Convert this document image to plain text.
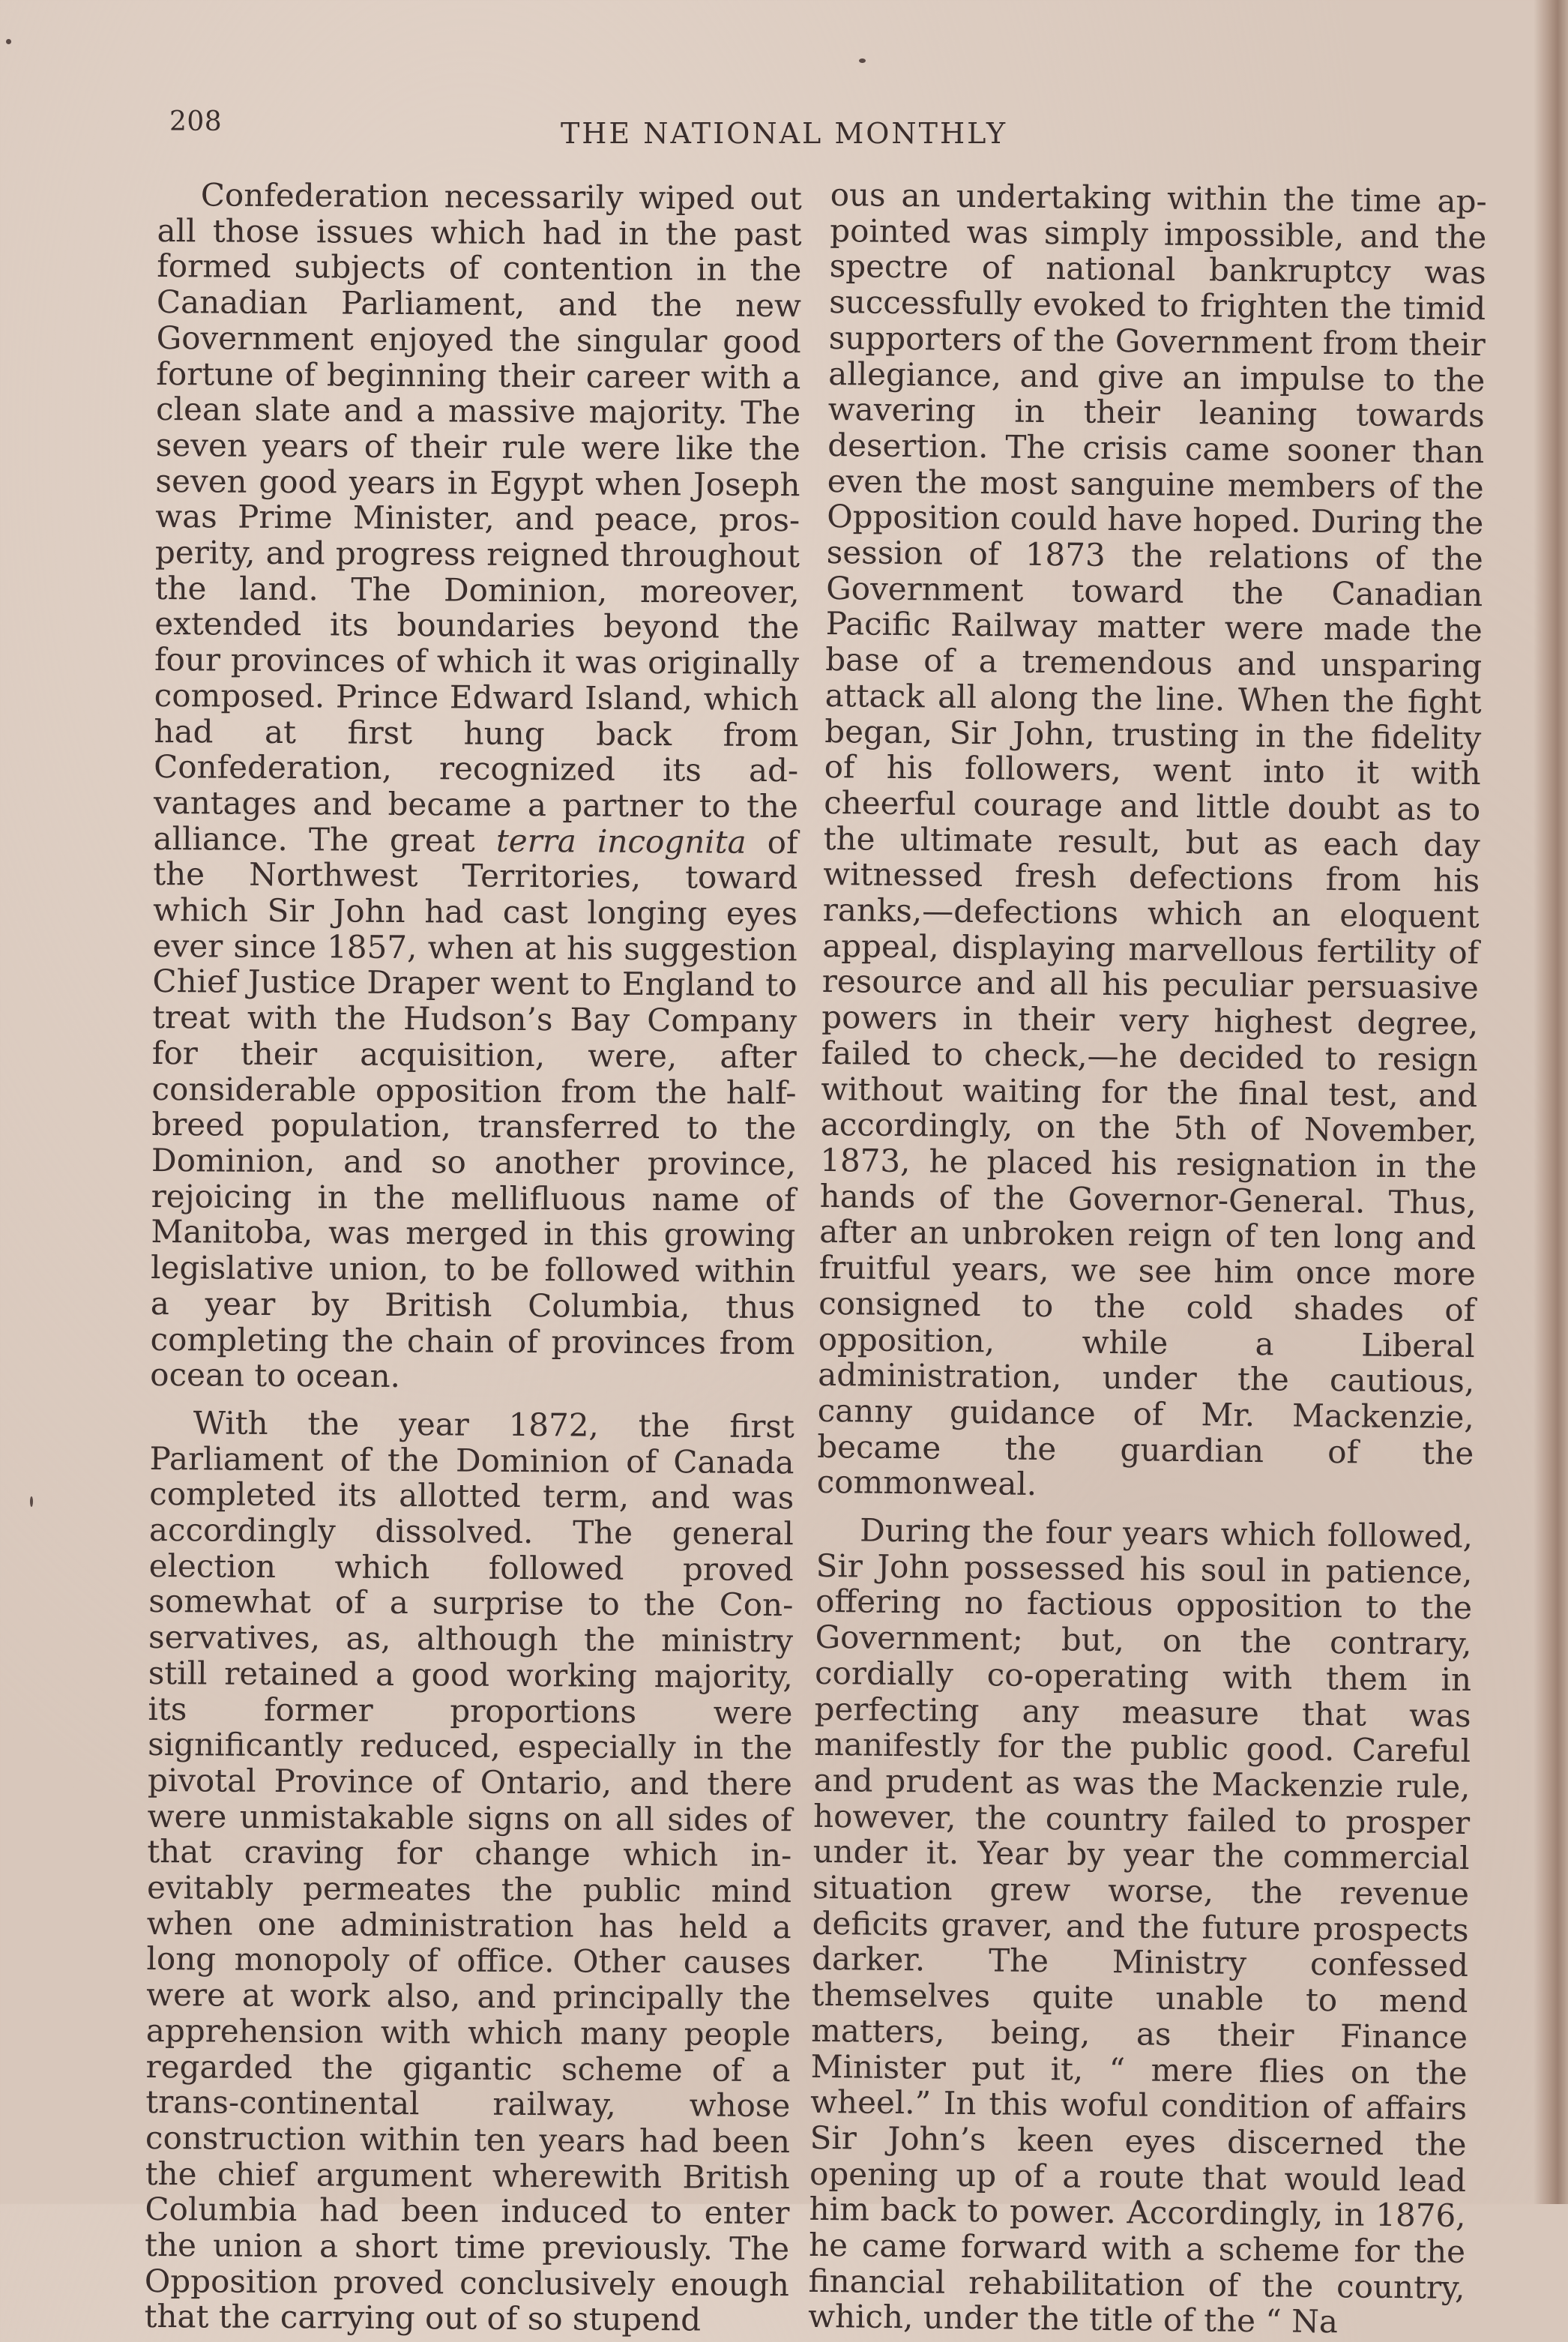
208	THE NATIONAL MONTHLY

Confederation necessarily wiped out all those issues which had in the past formed subjects of contention in the Canadian Parliament, and the new Government enjoyed the singular good fortune of beginning their career with a clean slate and a massive majority. The seven years of their rule were like the seven good years in Egypt when Joseph was Prime Minister, and peace, prosperity, and progress reigned throughout the land. The Dominion, moreover, extended its boundaries beyond the four provinces of which it was originally composed. Prince Edward Island, which had at first hung back from Confederation, recognized its advantages and became a partner to the alliance. The great terra incognita of the Northwest Territories, toward which Sir John had cast longing eyes ever since 1857, when at his suggestion Chief Justice Draper went to England to treat with the Hudson’s Bay Company for their acquisition, were, after considerable opposition from the half-breed population, transferred to the Dominion, and so another province, rejoicing in the mellifluous name of Manitoba, was merged in this growing legislative union, to be followed within a year by British Columbia, thus completing the chain of provinces from ocean to ocean.

With the year 1872, the first Parliament of the Dominion of Canada completed its allotted term, and was accordingly dissolved. The general election which followed proved somewhat of a surprise to the Conservatives, as, although the ministry still retained a good working majority, its former proportions were significantly reduced, especially in the pivotal Province of Ontario, and there were unmistakable signs on all sides of that craving for change which inevitably permeates the public mind when one administration has held a long monopoly of office. Other causes were at work also, and principally the apprehension with which many people regarded the gigantic scheme of a trans-continental railway, whose construction within ten years had been the chief argument wherewith British Columbia had been induced to enter the union a short time previously. The Opposition proved conclusively enough that the carrying out of so stupend

ous an undertaking within the time appointed was simply impossible, and the spectre of national bankruptcy was successfully evoked to frighten the timid supporters of the Government from their allegiance, and give an impulse to the wavering in their leaning towards desertion. The crisis came sooner than even the most sanguine members of the Opposition could have hoped. During the session of 1873 the relations of the Government toward the Canadian Pacific Railway matter were made the base of a tremendous and unsparing attack all along the line. When the fight began, Sir John, trusting in the fidelity of his followers, went into it with cheerful courage and little doubt as to the ultimate result, but as each day witnessed fresh defections from his ranks,—defections which an eloquent appeal, displaying marvellous fertility of resource and all his peculiar persuasive powers in their very highest degree, failed to check,—he decided to resign without waiting for the final test, and accordingly, on the 5th of November, 1873, he placed his resignation in the hands of the Governor-General. Thus, after an unbroken reign of ten long and fruitful years, we see him once more consigned to the cold shades of opposition, while a Liberal administration, under the cautious, canny guidance of Mr. Mackenzie, became the guardian of the commonweal.

During the four years which followed, Sir John possessed his soul in patience, offering no factious opposition to the Government; but, on the contrary, cordially co-operating with them in perfecting any measure that was manifestly for the public good. Careful and prudent as was the Mackenzie rule, however, the country failed to prosper under it. Year by year the commercial situation grew worse, the revenue deficits graver, and the future prospects darker. The Ministry confessed themselves quite unable to mend matters, being, as their Finance Minister put it, “ mere flies on the wheel.” In this woful condition of affairs Sir John’s keen eyes discerned the opening up of a route that would lead him back to power. Accordingly, in 1876, he came forward with a scheme for the financial rehabilitation of the country, which, under the title of the “ Na
